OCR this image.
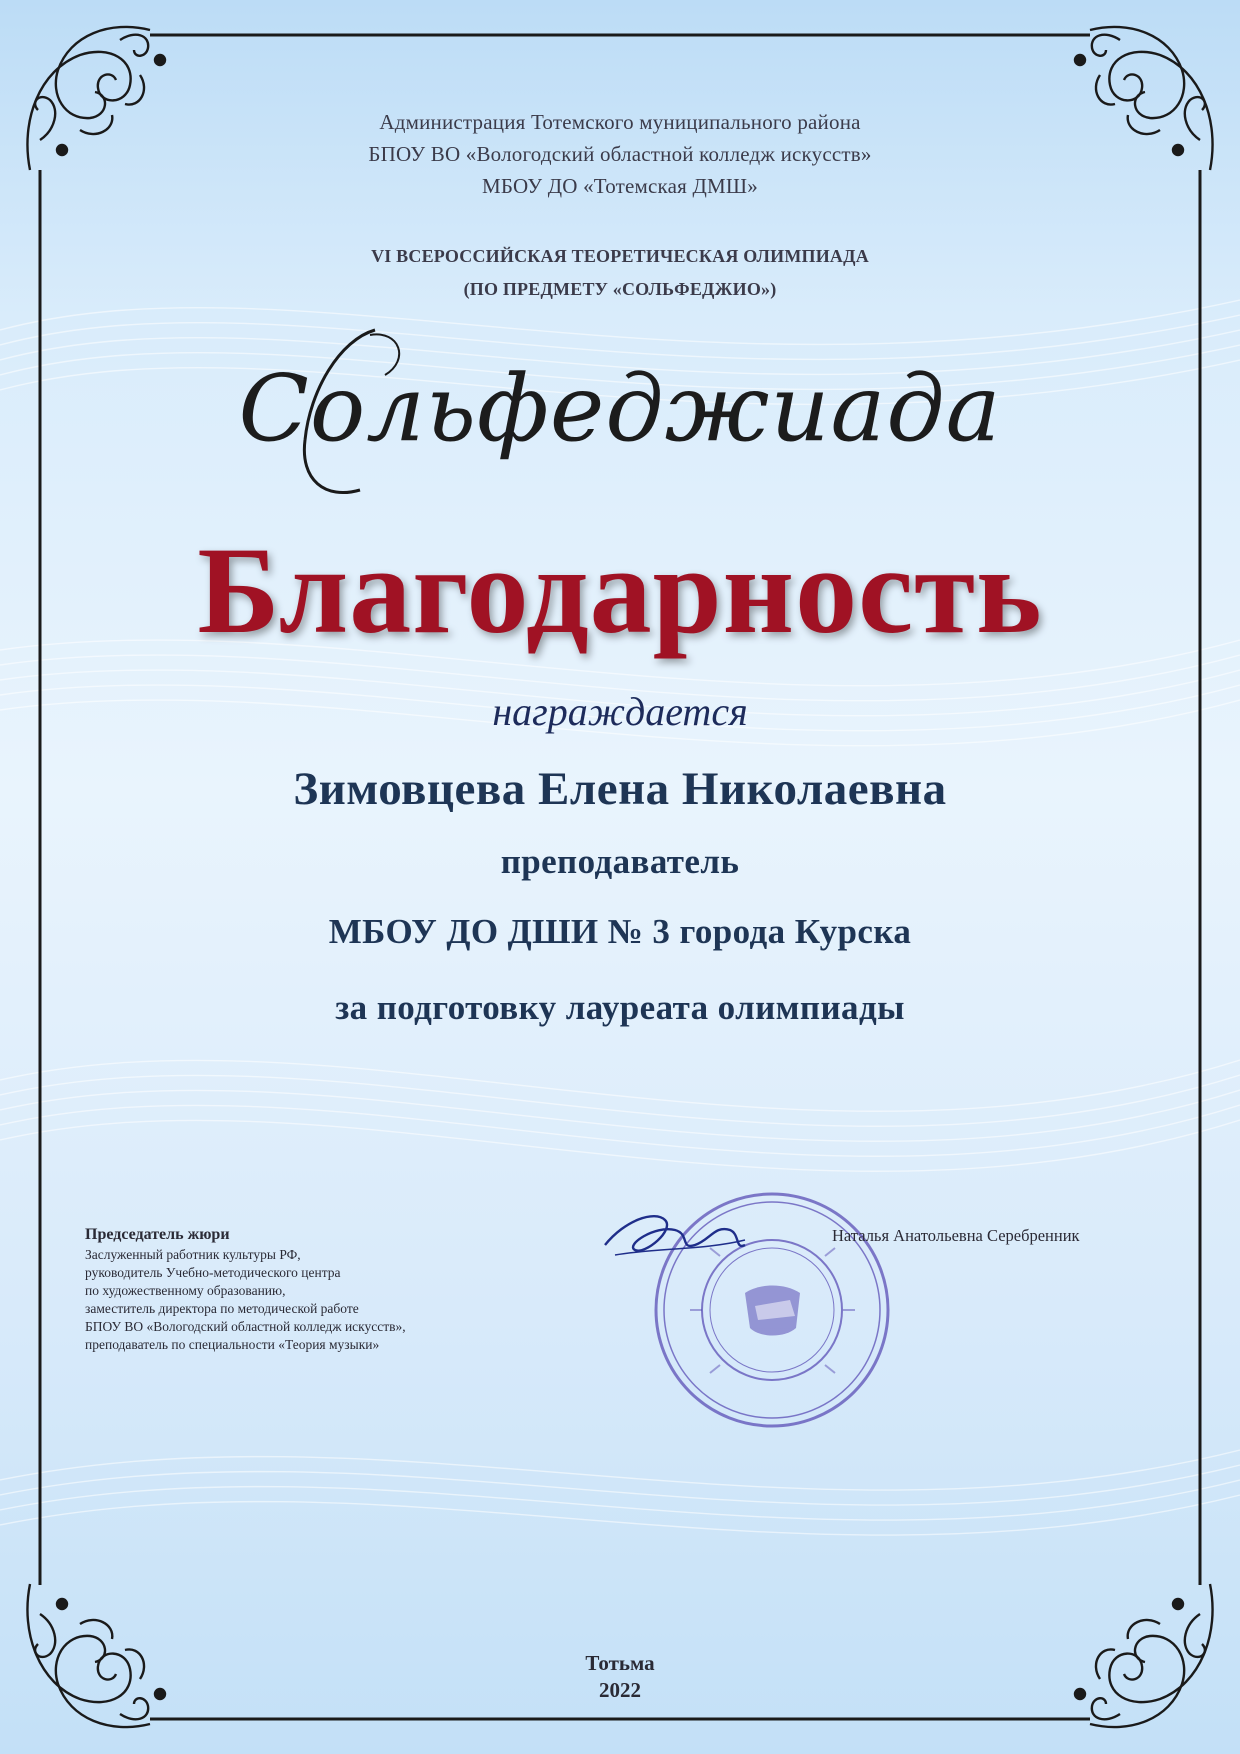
Администрация Тотемского муниципального района
БПОУ ВО «Вологодский областной колледж искусств»
МБОУ ДО «Тотемская ДМШ»
VI ВСЕРОССИЙСКАЯ ТЕОРЕТИЧЕСКАЯ ОЛИМПИАДА
(ПО ПРЕДМЕТУ «СОЛЬФЕДЖИО»)
Сольфеджиада
Благодарность
награждается
Зимовцева Елена Николаевна
преподаватель
МБОУ ДО ДШИ № 3 города Курска
за подготовку лауреата олимпиады
Председатель жюри
Заслуженный работник культуры РФ,
руководитель Учебно-методического центра
по художественному образованию,
заместитель директора по методической работе
БПОУ ВО «Вологодский областной колледж искусств»,
преподаватель по специальности «Теория музыки»
Наталья Анатольевна Серебренник
Тотьма
2022
